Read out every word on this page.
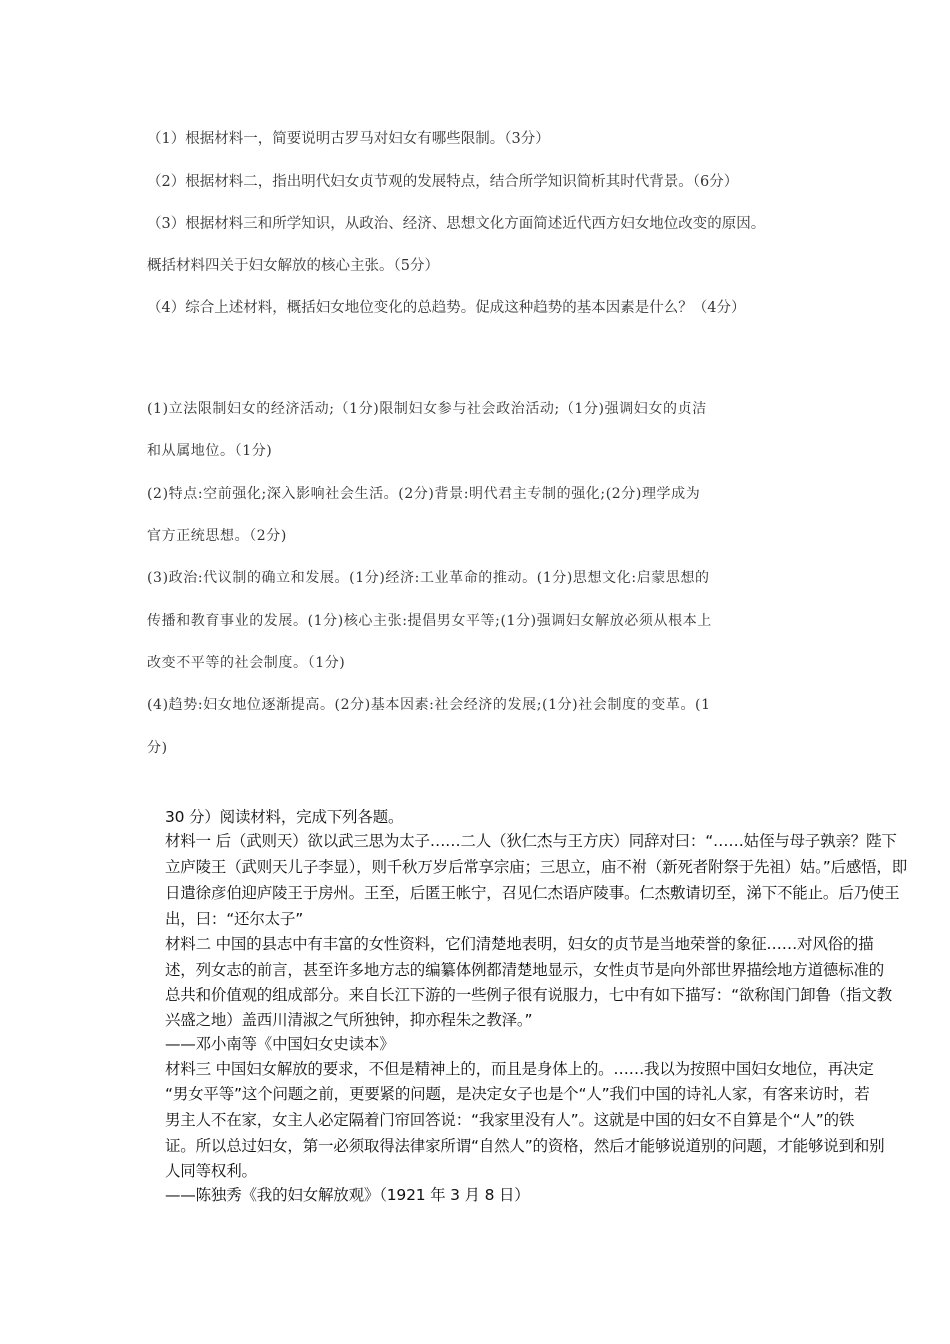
（1）根据材料一，简要说明古罗马对妇女有哪些限制。（3分）
（2）根据材料二，指出明代妇女贞节观的发展特点，结合所学知识简析其时代背景。（6分）
（3）根据材料三和所学知识，从政治、经济、思想文化方面简述近代西方妇女地位改变的原因。
概括材料四关于妇女解放的核心主张。（5分）
（4）综合上述材料，概括妇女地位变化的总趋势。促成这种趋势的基本因素是什么？（4分）
(1)立法限制妇女的经济活动;（1分)限制妇女参与社会政治活动;（1分)强调妇女的贞洁
和从属地位。（1分)
(2)特点:空前强化;深入影响社会生活。(2分)背景:明代君主专制的强化;(2分)理学成为
官方正统思想。（2分)
(3)政治:代议制的确立和发展。(1分)经济:工业革命的推动。(1分)思想文化:启蒙思想的
传播和教育事业的发展。(1分)核心主张:提倡男女平等;(1分)强调妇女解放必须从根本上
改变不平等的社会制度。（1分)
(4)趋势:妇女地位逐渐提高。(2分)基本因素:社会经济的发展;(1分)社会制度的变革。(1
分)
30 分）阅读材料，完成下列各题。
材料一 后（武则天）欲以武三思为太子……二人（狄仁杰与王方庆）同辞对曰：“……姑侄与母子孰亲？陛下
立庐陵王（武则天儿子李显），则千秋万岁后常享宗庙；三思立，庙不祔（新死者附祭于先祖）姑。”后感悟，即
日遣徐彦伯迎庐陵王于房州。王至，后匿王帐宁，召见仁杰语庐陵事。仁杰敷请切至，涕下不能止。后乃使王
出，曰：“还尔太子”
材料二 中国的县志中有丰富的女性资料，它们清楚地表明，妇女的贞节是当地荣誉的象征……对风俗的描
述，列女志的前言，甚至许多地方志的编纂体例都清楚地显示，女性贞节是向外部世界描绘地方道德标准的
总共和价值观的组成部分。来自长江下游的一些例子很有说服力，七中有如下描写：“欲称闺门卸鲁（指文教
兴盛之地）盖西川清淑之气所独钟，抑亦程朱之教泽。”
——邓小南等《中国妇女史读本》
材料三 中国妇女解放的要求，不但是精神上的，而且是身体上的。……我以为按照中国妇女地位，再决定
“男女平等”这个问题之前，更要紧的问题，是决定女子也是个“人”我们中国的诗礼人家，有客来访时，若
男主人不在家，女主人必定隔着门帘回答说：“我家里没有人”。这就是中国的妇女不自算是个“人”的铁
证。所以总过妇女，第一必须取得法律家所谓“自然人”的资格，然后才能够说道别的问题，才能够说到和别
人同等权利。
——陈独秀《我的妇女解放观》（1921 年 3 月 8 日）
